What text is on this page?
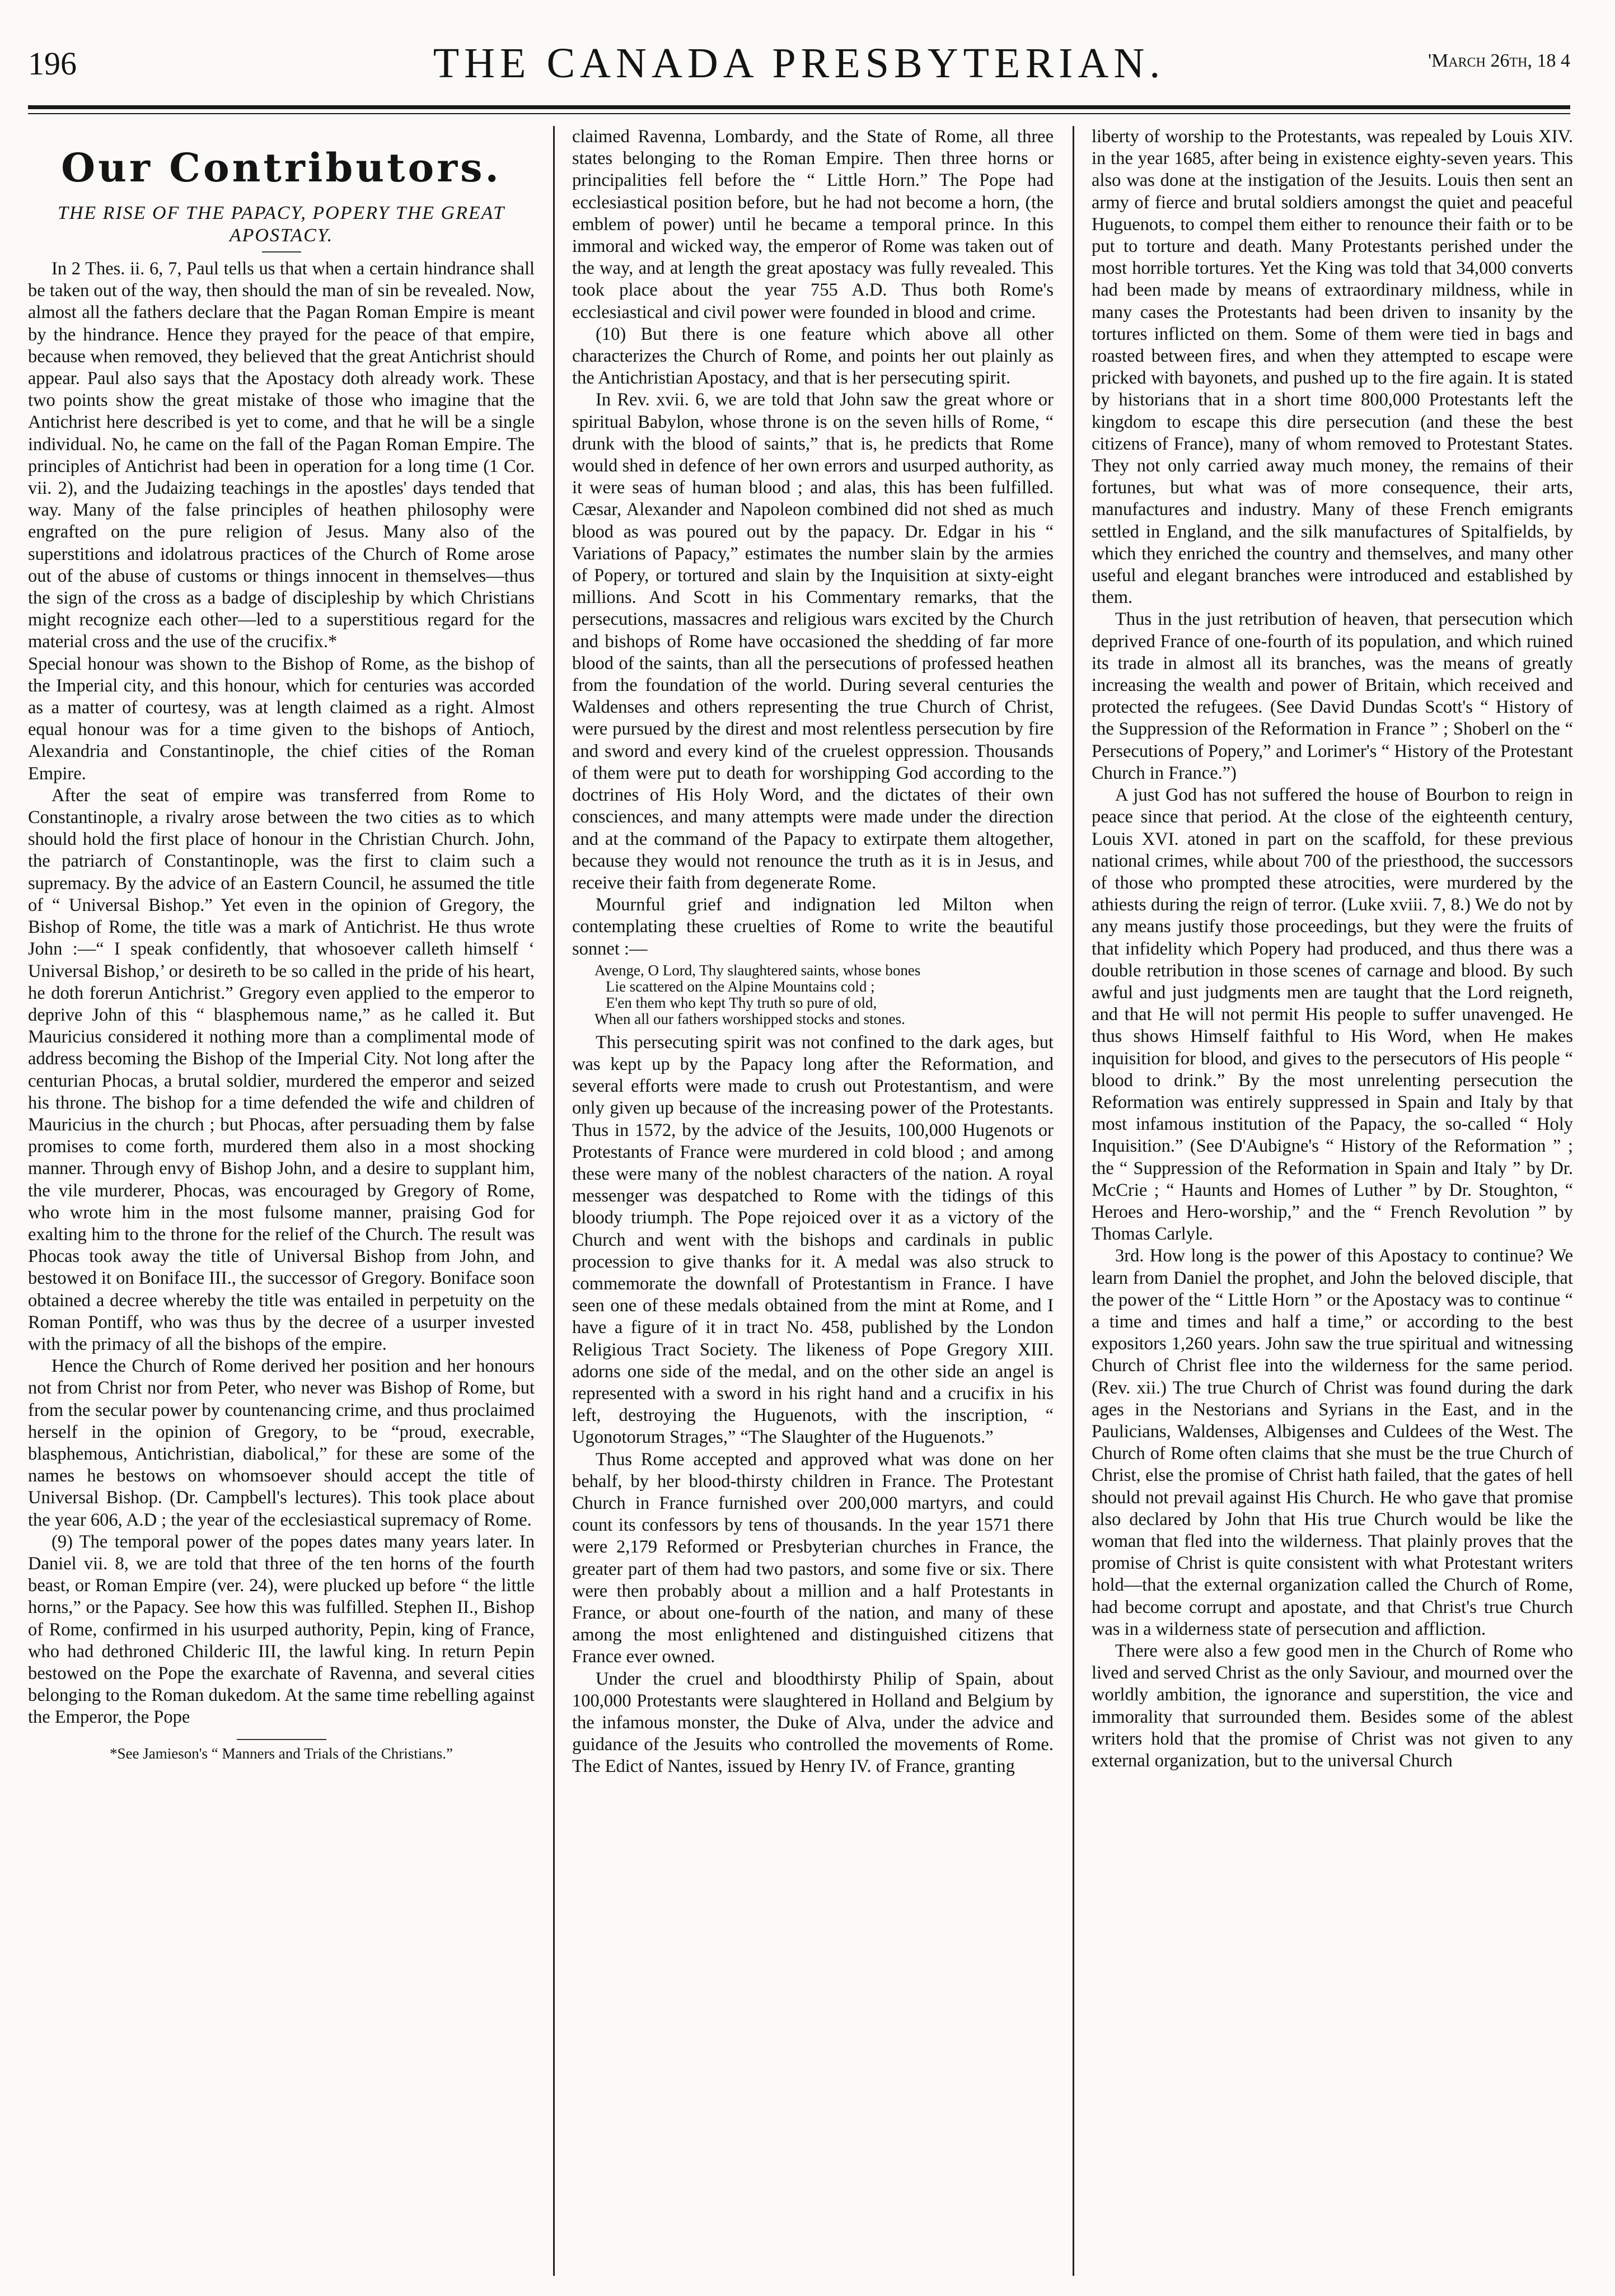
196	THE CANADA PRESBYTERIAN.	'March 26th, 18 4
Our Contributors.
THE RISE OF THE PAPACY, POPERY THE GREAT APOSTACY.

In 2 Thes. ii. 6, 7, Paul tells us that when a certain hindrance shall be taken out of the way, then should the man of sin be revealed. Now, almost all the fathers declare that the Pagan Roman Empire is meant by the hindrance. Hence they prayed for the peace of that empire, because when removed, they believed that the great Antichrist should appear. Paul also says that the Apostacy doth already work. These two points show the great mistake of those who imagine that the Antichrist here described is yet to come, and that he will be a single individual. No, he came on the fall of the Pagan Roman Empire. The principles of Antichrist had been in operation for a long time (1 Cor. vii. 2), and the Judaizing teachings in the apostles' days tended that way. Many of the false principles of heathen philosophy were engrafted on the pure religion of Jesus. Many also of the superstitions and idolatrous practices of the Church of Rome arose out of the abuse of customs or things innocent in themselves—thus the sign of the cross as a badge of discipleship by which Christians might recognize each other—led to a superstitious regard for the material cross and the use of the crucifix.*

Special honour was shown to the Bishop of Rome, as the bishop of the Imperial city, and this honour, which for centuries was accorded as a matter of courtesy, was at length claimed as a right. Almost equal honour was for a time given to the bishops of Antioch, Alexandria and Constantinople, the chief cities of the Roman Empire.

After the seat of empire was transferred from Rome to Constantinople, a rivalry arose between the two cities as to which should hold the first place of honour in the Christian Church. John, the patriarch of Constantinople, was the first to claim such a supremacy. By the advice of an Eastern Council, he assumed the title of “ Universal Bishop.” Yet even in the opinion of Gregory, the Bishop of Rome, the title was a mark of Antichrist. He thus wrote John :—“ I speak confidently, that whosoever calleth himself ‘ Universal Bishop,’ or desireth to be so called in the pride of his heart, he doth forerun Antichrist.” Gregory even applied to the emperor to deprive John of this “ blasphemous name,” as he called it. But Mauricius considered it nothing more than a complimental mode of address becoming the Bishop of the Imperial City. Not long after the centurian Phocas, a brutal soldier, murdered the emperor and seized his throne. The bishop for a time defended the wife and children of Mauricius in the church ; but Phocas, after persuading them by false promises to come forth, murdered them also in a most shocking manner. Through envy of Bishop John, and a desire to supplant him, the vile murderer, Phocas, was encouraged by Gregory of Rome, who wrote him in the most fulsome manner, praising God for exalting him to the throne for the relief of the Church. The result was Phocas took away the title of Universal Bishop from John, and bestowed it on Boniface III., the successor of Gregory. Boniface soon obtained a decree whereby the title was entailed in perpetuity on the Roman Pontiff, who was thus by the decree of a usurper invested with the primacy of all the bishops of the empire.

Hence the Church of Rome derived her position and her honours not from Christ nor from Peter, who never was Bishop of Rome, but from the secular power by countenancing crime, and thus proclaimed herself in the opinion of Gregory, to be “proud, execrable, blasphemous, Antichristian, diabolical,” for these are some of the names he bestows on whomsoever should accept the title of Universal Bishop. (Dr. Campbell's lectures). This took place about the year 606, A.D ; the year of the ecclesiastical supremacy of Rome.

(9) The temporal power of the popes dates many years later. In Daniel vii. 8, we are told that three of the ten horns of the fourth beast, or Roman Empire (ver. 24), were plucked up before “ the little horns,” or the Papacy. See how this was fulfilled. Stephen II., Bishop of Rome, confirmed in his usurped authority, Pepin, king of France, who had dethroned Childeric III, the lawful king. In return Pepin bestowed on the Pope the exarchate of Ravenna, and several cities belonging to the Roman dukedom. At the same time rebelling against the Emperor, the Pope

*See Jamieson's “ Manners and Trials of the Christians.”

claimed Ravenna, Lombardy, and the State of Rome, all three states belonging to the Roman Empire. Then three horns or principalities fell before the “ Little Horn.” The Pope had ecclesiastical position before, but he had not become a horn, (the emblem of power) until he became a temporal prince. In this immoral and wicked way, the emperor of Rome was taken out of the way, and at length the great apostacy was fully revealed. This took place about the year 755 A.D. Thus both Rome's ecclesiastical and civil power were founded in blood and crime.

(10) But there is one feature which above all other characterizes the Church of Rome, and points her out plainly as the Antichristian Apostacy, and that is her persecuting spirit.

In Rev. xvii. 6, we are told that John saw the great whore or spiritual Babylon, whose throne is on the seven hills of Rome, “ drunk with the blood of saints,” that is, he predicts that Rome would shed in defence of her own errors and usurped authority, as it were seas of human blood ; and alas, this has been fulfilled. Cæsar, Alexander and Napoleon combined did not shed as much blood as was poured out by the papacy. Dr. Edgar in his “ Variations of Papacy,” estimates the number slain by the armies of Popery, or tortured and slain by the Inquisition at sixty-eight millions. And Scott in his Commentary remarks, that the persecutions, massacres and religious wars excited by the Church and bishops of Rome have occasioned the shedding of far more blood of the saints, than all the persecutions of professed heathen from the foundation of the world. During several centuries the Waldenses and others representing the true Church of Christ, were pursued by the direst and most relentless persecution by fire and sword and every kind of the cruelest oppression. Thousands of them were put to death for worshipping God according to the doctrines of His Holy Word, and the dictates of their own consciences, and many attempts were made under the direction and at the command of the Papacy to extirpate them altogether, because they would not renounce the truth as it is in Jesus, and receive their faith from degenerate Rome.

Mournful grief and indignation led Milton when contemplating these cruelties of Rome to write the beautiful sonnet :—

Avenge, O Lord, Thy slaughtered saints, whose bones
Lie scattered on the Alpine Mountains cold ;
E'en them who kept Thy truth so pure of old,
When all our fathers worshipped stocks and stones.

This persecuting spirit was not confined to the dark ages, but was kept up by the Papacy long after the Reformation, and several efforts were made to crush out Protestantism, and were only given up because of the increasing power of the Protestants. Thus in 1572, by the advice of the Jesuits, 100,000 Hugenots or Protestants of France were murdered in cold blood ; and among these were many of the noblest characters of the nation. A royal messenger was despatched to Rome with the tidings of this bloody triumph. The Pope rejoiced over it as a victory of the Church and went with the bishops and cardinals in public procession to give thanks for it. A medal was also struck to commemorate the downfall of Protestantism in France. I have seen one of these medals obtained from the mint at Rome, and I have a figure of it in tract No. 458, published by the London Religious Tract Society. The likeness of Pope Gregory XIII. adorns one side of the medal, and on the other side an angel is represented with a sword in his right hand and a crucifix in his left, destroying the Huguenots, with the inscription, “ Ugonotorum Strages,” “The Slaughter of the Huguenots.”

Thus Rome accepted and approved what was done on her behalf, by her blood-thirsty children in France. The Protestant Church in France furnished over 200,000 martyrs, and could count its confessors by tens of thousands. In the year 1571 there were 2,179 Reformed or Presbyterian churches in France, the greater part of them had two pastors, and some five or six. There were then probably about a million and a half Protestants in France, or about one-fourth of the nation, and many of these among the most enlightened and distinguished citizens that France ever owned.

Under the cruel and bloodthirsty Philip of Spain, about 100,000 Protestants were slaughtered in Holland and Belgium by the infamous monster, the Duke of Alva, under the advice and guidance of the Jesuits who controlled the movements of Rome. The Edict of Nantes, issued by Henry IV. of France, granting

liberty of worship to the Protestants, was repealed by Louis XIV. in the year 1685, after being in existence eighty-seven years. This also was done at the instigation of the Jesuits. Louis then sent an army of fierce and brutal soldiers amongst the quiet and peaceful Huguenots, to compel them either to renounce their faith or to be put to torture and death. Many Protestants perished under the most horrible tortures. Yet the King was told that 34,000 converts had been made by means of extraordinary mildness, while in many cases the Protestants had been driven to insanity by the tortures inflicted on them. Some of them were tied in bags and roasted between fires, and when they attempted to escape were pricked with bayonets, and pushed up to the fire again. It is stated by historians that in a short time 800,000 Protestants left the kingdom to escape this dire persecution (and these the best citizens of France), many of whom removed to Protestant States. They not only carried away much money, the remains of their fortunes, but what was of more consequence, their arts, manufactures and industry. Many of these French emigrants settled in England, and the silk manufactures of Spitalfields, by which they enriched the country and themselves, and many other useful and elegant branches were introduced and established by them.

Thus in the just retribution of heaven, that persecution which deprived France of one-fourth of its population, and which ruined its trade in almost all its branches, was the means of greatly increasing the wealth and power of Britain, which received and protected the refugees. (See David Dundas Scott's “ History of the Suppression of the Reformation in France ” ; Shoberl on the “ Persecutions of Popery,” and Lorimer's “ History of the Protestant Church in France.”)

A just God has not suffered the house of Bourbon to reign in peace since that period. At the close of the eighteenth century, Louis XVI. atoned in part on the scaffold, for these previous national crimes, while about 700 of the priesthood, the successors of those who prompted these atrocities, were murdered by the athiests during the reign of terror. (Luke xviii. 7, 8.) We do not by any means justify those proceedings, but they were the fruits of that infidelity which Popery had produced, and thus there was a double retribution in those scenes of carnage and blood. By such awful and just judgments men are taught that the Lord reigneth, and that He will not permit His people to suffer unavenged. He thus shows Himself faithful to His Word, when He makes inquisition for blood, and gives to the persecutors of His people “ blood to drink.” By the most unrelenting persecution the Reformation was entirely suppressed in Spain and Italy by that most infamous institution of the Papacy, the so-called “ Holy Inquisition.” (See D'Aubigne's “ History of the Reformation ” ; the “ Suppression of the Reformation in Spain and Italy ” by Dr. McCrie ; “ Haunts and Homes of Luther ” by Dr. Stoughton, “ Heroes and Hero-worship,” and the “ French Revolution ” by Thomas Carlyle.

3rd. How long is the power of this Apostacy to continue? We learn from Daniel the prophet, and John the beloved disciple, that the power of the “ Little Horn ” or the Apostacy was to continue “ a time and times and half a time,” or according to the best expositors 1,260 years. John saw the true spiritual and witnessing Church of Christ flee into the wilderness for the same period. (Rev. xii.) The true Church of Christ was found during the dark ages in the Nestorians and Syrians in the East, and in the Paulicians, Waldenses, Albigenses and Culdees of the West. The Church of Rome often claims that she must be the true Church of Christ, else the promise of Christ hath failed, that the gates of hell should not prevail against His Church. He who gave that promise also declared by John that His true Church would be like the woman that fled into the wilderness. That plainly proves that the promise of Christ is quite consistent with what Protestant writers hold—that the external organization called the Church of Rome, had become corrupt and apostate, and that Christ's true Church was in a wilderness state of persecution and affliction.

There were also a few good men in the Church of Rome who lived and served Christ as the only Saviour, and mourned over the worldly ambition, the ignorance and superstition, the vice and immorality that surrounded them. Besides some of the ablest writers hold that the promise of Christ was not given to any external organization, but to the universal Church
